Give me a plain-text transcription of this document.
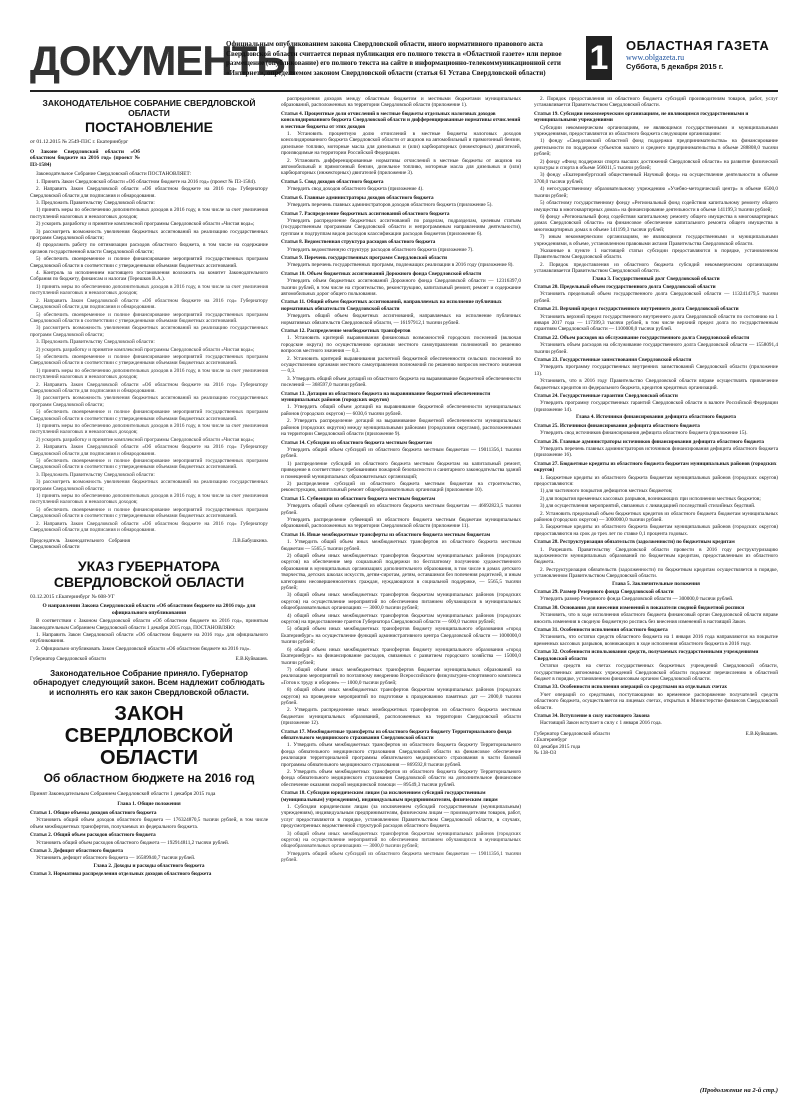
ДОКУМЕНТЫ
Официальным опубликованием закона Свердловской области, иного нормативного правового акта Свердловской области считается первая публикация его полного текста в «Областной газете» или первое размещение (опубликование) его полного текста на сайте в информационно-телекоммуникационной сети «Интернет», определяемом законом Свердловской области (статья 61 Устава Свердловской области)	1 ОБЛАСТНАЯ ГАЗЕТА
www.oblgazeta.ru
Суббота, 5 декабря 2015 г.
ЗАКОНОДАТЕЛЬНОЕ СОБРАНИЕ СВЕРДЛОВСКОЙ ОБЛАСТИ
ПОСТАНОВЛЕНИЕ
от 01.12.2015 № 2549-ПЗС г. Екатеринбург
О Законе Свердловской области «Об областном бюджете на 2016 год» (проект № П3-1584)

Законодательное Собрание Свердловской области ПОСТАНОВЛЯЕТ:

1. Принять Закон Свердловской области «Об областном бюджете на 2016 год» (проект № П3-1584).

2. Направить Закон Свердловской области «Об областном бюджете на 2016 год» Губернатору Свердловской области для подписания и обнародования.

3. Предложить Правительству Свердловской области:

1) принять меры по обеспечению дополнительных доходов в 2016 году, в том числе за счет увеличения поступлений налоговых и неналоговых доходов;

2) ускорить разработку и принятие комплексной программы Свердловской области «Чистая вода»;

3) рассмотреть возможность увеличения бюджетных ассигнований на реализацию государственных программ Свердловской области;

4) продолжить работу по оптимизации расходов областного бюджета, в том числе на содержание органов государственной власти Свердловской области;

5) обеспечить своевременное и полное финансирование мероприятий государственных программ Свердловской области в соответствии с утвержденными объемами бюджетных ассигнований.

4. Контроль за исполнением настоящего постановления возложить на комитет Законодательного Собрания по бюджету, финансам и налогам (Терешков В.А.).

1) принять меры по обеспечению дополнительных доходов в 2016 году, в том числе за счет увеличения поступлений налоговых и неналоговых доходов;

2. Направить Закон Свердловской области «Об областном бюджете на 2016 год» Губернатору Свердловской области для подписания и обнародования.

5) обеспечить своевременное и полное финансирование мероприятий государственных программ Свердловской области в соответствии с утвержденными объемами бюджетных ассигнований.

3) рассмотреть возможность увеличения бюджетных ассигнований на реализацию государственных программ Свердловской области;

3. Предложить Правительству Свердловской области:

2) ускорить разработку и принятие комплексной программы Свердловской области «Чистая вода»;

5) обеспечить своевременное и полное финансирование мероприятий государственных программ Свердловской области в соответствии с утвержденными объемами бюджетных ассигнований.

1) принять меры по обеспечению дополнительных доходов в 2016 году, в том числе за счет увеличения поступлений налоговых и неналоговых доходов;

2. Направить Закон Свердловской области «Об областном бюджете на 2016 год» Губернатору Свердловской области для подписания и обнародования.

3) рассмотреть возможность увеличения бюджетных ассигнований на реализацию государственных программ Свердловской области;

5) обеспечить своевременное и полное финансирование мероприятий государственных программ Свердловской области в соответствии с утвержденными объемами бюджетных ассигнований.

1) принять меры по обеспечению дополнительных доходов в 2016 году, в том числе за счет увеличения поступлений налоговых и неналоговых доходов;

2) ускорить разработку и принятие комплексной программы Свердловской области «Чистая вода»;

2. Направить Закон Свердловской области «Об областном бюджете на 2016 год» Губернатору Свердловской области для подписания и обнародования.

5) обеспечить своевременное и полное финансирование мероприятий государственных программ Свердловской области в соответствии с утвержденными объемами бюджетных ассигнований.

3. Предложить Правительству Свердловской области:

3) рассмотреть возможность увеличения бюджетных ассигнований на реализацию государственных программ Свердловской области;

1) принять меры по обеспечению дополнительных доходов в 2016 году, в том числе за счет увеличения поступлений налоговых и неналоговых доходов;

5) обеспечить своевременное и полное финансирование мероприятий государственных программ Свердловской области в соответствии с утвержденными объемами бюджетных ассигнований.

2. Направить Закон Свердловской области «Об областном бюджете на 2016 год» Губернатору Свердловской области для подписания и обнародования.

Председатель Законодательного Собрания Свердловской области
Л.В.Бабушкина.
УКАЗ ГУБЕРНАТОРА СВЕРДЛОВСКОЙ ОБЛАСТИ
03.12.2015 г.Екатеринбург № 608-УГ
О направлении Закона Свердловской области «Об областном бюджете на 2016 год» для официального опубликования

В соответствии с Законом Свердловской области «Об областном бюджете на 2016 год», принятым Законодательным Собранием Свердловской области 1 декабря 2015 года, ПОСТАНОВЛЯЮ:

1. Направить Закон Свердловской области «Об областном бюджете на 2016 год» для официального опубликования.

2. Официально опубликовать Закон Свердловской области «Об областном бюджете на 2016 год».

Губернатор Свердловской области	Е.В.Куйвашев.
Законодательное Собрание приняло. Губернатор обнародует следующий закон. Всем надлежит соблюдать и исполнять его как закон Свердловской области.
ЗАКОН СВЕРДЛОВСКОЙ ОБЛАСТИ
Об областном бюджете на 2016 год
Принят Законодательным Собранием Свердловской области 1 декабря 2015 года
Глава 1. Общие положения

Статья 1. Общие объемы доходов областного бюджета

Установить общий объем доходов областного бюджета — 176324870,5 тысячи рублей, в том числе объем межбюджетных трансфертов, получаемых из федерального бюджета.

Статья 2. Общий объем расходов областного бюджета

Установить общий объем расходов областного бюджета — 192914811,2 тысячи рублей.

Статья 3. Дефицит областного бюджета

Установить дефицит областного бюджета — 16589940,7 тысячи рублей.

Глава 2. Доходы и расходы областного бюджета

Статья 3. Нормативы распределения отдельных доходов областного бюджета

распределения доходов между областным бюджетом и местными бюджетами муниципальных образований, расположенных на территории Свердловской области (приложение 1).

Статья 4. Процентные доли отчислений в местные бюджеты отдельных налоговых доходов консолидированного бюджета Свердловской области и дифференцированные нормативы отчислений в местные бюджеты от этих доходов

1. Установить процентную долю отчислений в местные бюджеты налоговых доходов консолидированного бюджета Свердловской области от акцизов на автомобильный и прямогонный бензин, дизельное топливо, моторные масла для дизельных и (или) карбюраторных (инжекторных) двигателей, производимые на территории Российской Федерации.

2. Установить дифференцированные нормативы отчислений в местные бюджеты от акцизов на автомобильный и прямогонный бензин, дизельное топливо, моторные масла для дизельных и (или) карбюраторных (инжекторных) двигателей (приложение 3).

Статья 5. Свод доходов областного бюджета

Утвердить свод доходов областного бюджета (приложение 4).

Статья 6. Главные администраторы доходов областного бюджета

Утвердить перечень главных администраторов доходов областного бюджета (приложение 5).

Статья 7. Распределение бюджетных ассигнований областного бюджета

Утвердить распределение бюджетных ассигнований по разделам, подразделам, целевым статьям (государственным программам Свердловской области и непрограммным направлениям деятельности), группам и подгруппам видов расходов классификации расходов бюджетов (приложение 6).

Статья 8. Ведомственная структура расходов областного бюджета

Утвердить ведомственную структуру расходов областного бюджета (приложение 7).

Статья 9. Перечень государственных программ Свердловской области

Утвердить перечень государственных программ, подлежащих реализации в 2016 году (приложение 8).

Статья 10. Объем бюджетных ассигнований Дорожного фонда Свердловской области

Утвердить объем бюджетных ассигнований Дорожного фонда Свердловской области — 12316397,0 тысячи рублей, в том числе на строительство, реконструкцию, капитальный ремонт, ремонт и содержание автомобильных дорог общего пользования.

Статья 11. Общий объем бюджетных ассигнований, направляемых на исполнение публичных нормативных обязательств Свердловской области

Утвердить общий объем бюджетных ассигнований, направляемых на исполнение публичных нормативных обязательств Свердловской области, — 16197912,1 тысячи рублей.

Статья 12. Распределение межбюджетных трансфертов

1. Установить критерий выравнивания финансовых возможностей городских поселений (включая городские округа) по осуществлению органами местного самоуправления полномочий по решению вопросов местного значения — 0,3.

2. Установить критерий выравнивания расчетной бюджетной обеспеченности сельских поселений по осуществлению органами местного самоуправления полномочий по решению вопросов местного значения — 0,3.

3. Утвердить общий объем дотаций из областного бюджета на выравнивание бюджетной обеспеченности поселений — 368597,0 тысячи рублей.

Статья 13. Дотации из областного бюджета на выравнивание бюджетной обеспеченности муниципальных районов (городских округов)

1. Утвердить общий объем дотаций на выравнивание бюджетной обеспеченности муниципальных районов (городских округов) — 6030,6 тысячи рублей.

2. Утвердить распределение дотаций на выравнивание бюджетной обеспеченности муниципальных районов (городских округов) между муниципальными районами (городскими округами), расположенными на территории Свердловской области (приложение 9).

Статья 14. Субсидии из областного бюджета местным бюджетам

Утвердить общий объем субсидий из областного бюджета местным бюджетам — 19011356,1 тысячи рублей.

1) распределение субсидий из областного бюджета местным бюджетам на капитальный ремонт, приведение в соответствие с требованиями пожарной безопасности и санитарного законодательства зданий и помещений муниципальных образовательных организаций;

2) распределение субсидий из областного бюджета местным бюджетам на строительство, реконструкцию, капитальный ремонт общеобразовательных организаций (приложение 10).

Статья 15. Субвенции из областного бюджета местным бюджетам

Утвердить общий объем субвенций из областного бюджета местным бюджетам — 46692823,5 тысячи рублей.

Утвердить распределение субвенций из областного бюджета местным бюджетам муниципальных образований, расположенных на территории Свердловской области (приложение 11).

Статья 16. Иные межбюджетные трансферты из областного бюджета местным бюджетам

1. Утвердить общий объем иных межбюджетных трансфертов из областного бюджета местным бюджетам — 5565,5 тысячи рублей.

2) общий объем иных межбюджетных трансфертов бюджетам муниципальных районов (городских округов) на обеспечение мер социальной поддержки по бесплатному получению художественного образования в муниципальных организациях дополнительного образования, в том числе в домах детского творчества, детских школах искусств, детям-сиротам, детям, оставшимся без попечения родителей, и иным категориям несовершеннолетних граждан, нуждающихся в социальной поддержке, — 5565,5 тысячи рублей;

3) общий объем иных межбюджетных трансфертов бюджетам муниципальных районов (городских округов) на осуществление мероприятий по обеспечению питанием обучающихся в муниципальных общеобразовательных организациях — 3000,0 тысячи рублей;

4) общий объем иных межбюджетных трансфертов бюджетам муниципальных районов (городских округов) на предоставление грантов Губернатора Свердловской области — 600,0 тысячи рублей;

5) общий объем иных межбюджетных трансфертов бюджету муниципального образования «город Екатеринбург» на осуществление функций административного центра Свердловской области — 1000000,0 тысячи рублей;

6) общий объем иных межбюджетных трансфертов бюджету муниципального образования «город Екатеринбург» на финансирование расходов, связанных с развитием городского хозяйства — 15000,0 тысячи рублей;

7) общий объем иных межбюджетных трансфертов бюджетам муниципальных образований на реализацию мероприятий по поэтапному внедрению Всероссийского физкультурно-спортивного комплекса «Готов к труду и обороне» — 1000,0 тысячи рублей;

8) общий объем иных межбюджетных трансфертов бюджетам муниципальных районов (городских округов) на проведение мероприятий по подготовке к празднованию памятных дат — 2000,0 тысячи рублей.

2. Утвердить распределение иных межбюджетных трансфертов из областного бюджета местным бюджетам муниципальных образований, расположенных на территории Свердловской области (приложение 12).

Статья 17. Межбюджетные трансферты из областного бюджета бюджету Территориального фонда обязательного медицинского страхования Свердловской области

1. Утвердить объем межбюджетных трансфертов из областного бюджета бюджету Территориального фонда обязательного медицинского страхования Свердловской области на финансовое обеспечение реализации территориальной программы обязательного медицинского страхования в части базовой программы обязательного медицинского страхования — 869592,8 тысячи рублей.

2. Утвердить объем межбюджетных трансфертов из областного бюджета бюджету Территориального фонда обязательного медицинского страхования Свердловской области на дополнительное финансовое обеспечение оказания скорой медицинской помощи — 89549,3 тысячи рублей.

Статья 18. Субсидии юридическим лицам (за исключением субсидий государственным (муниципальным) учреждениям), индивидуальным предпринимателям, физическим лицам

1. Субсидии юридическим лицам (за исключением субсидий государственным (муниципальным) учреждениям), индивидуальным предпринимателям, физическим лицам — производителям товаров, работ, услуг предоставляются в порядке, установленном Правительством Свердловской области, в случаях, предусмотренных ведомственной структурой расходов областного бюджета.

3) общий объем иных межбюджетных трансфертов бюджетам муниципальных районов (городских округов) на осуществление мероприятий по обеспечению питанием обучающихся в муниципальных общеобразовательных организациях — 3000,0 тысячи рублей;

Утвердить общий объем субсидий из областного бюджета местным бюджетам — 19011356,1 тысячи рублей.

2. Порядок предоставления из областного бюджета субсидий производителям товаров, работ, услуг устанавливается Правительством Свердловской области.

Статья 19. Субсидии некоммерческим организациям, не являющимся государственными и муниципальными учреждениями

Субсидии некоммерческим организациям, не являющимся государственными и муниципальными учреждениями, предоставляются из областного бюджета следующим организациям:

1) фонду «Свердловский областной фонд поддержки предпринимательства» на финансирование деятельности по поддержке субъектов малого и среднего предпринимательства в объеме 288808,0 тысячи рублей;

2) фонду «Фонд поддержки спорта высших достижений Свердловской области» на развитие физической культуры и спорта в объеме 566011,5 тысячи рублей;

3) фонду «Екатеринбургский общественный Научный фонд» на осуществление деятельности в объеме 3700,0 тысячи рублей;

4) негосударственному образовательному учреждению «Учебно-методический центр» в объеме 6500,0 тысячи рублей;

5) областному государственному фонду «Региональный фонд содействия капитальному ремонту общего имущества в многоквартирных домах» на финансирование деятельности в объеме 141199,3 тысячи рублей;

6) фонду «Региональный фонд содействия капитальному ремонту общего имущества в многоквартирных домах Свердловской области» на финансовое обеспечение капитального ремонта общего имущества в многоквартирных домах в объеме 141199,3 тысячи рублей;

7) иным некоммерческим организациям, не являющимся государственными и муниципальными учреждениями, в объеме, установленном правовыми актами Правительства Свердловской области.

Указанные в пункте 1 настоящей статьи субсидии предоставляются в порядке, установленном Правительством Свердловской области.

2. Порядок предоставления из областного бюджета субсидий некоммерческим организациям устанавливается Правительством Свердловской области.

Глава 3. Государственный долг Свердловской области

Статья 20. Предельный объем государственного долга Свердловской области

Установить предельный объем государственного долга Свердловской области — 113241479,5 тысячи рублей.

Статья 21. Верхний предел государственного внутреннего долга Свердловской области

Установить верхний предел государственного внутреннего долга Свердловской области по состоянию на 1 января 2017 года — 117399,3 тысячи рублей, в том числе верхний предел долга по государственным гарантиям Свердловской области — 1100000,0 тысячи рублей.

Статья 22. Объем расходов на обслуживание государственного долга Свердловской области

Установить объем расходов на обслуживание государственного долга Свердловской области — 1558091,4 тысячи рублей.

Статья 23. Государственные заимствования Свердловской области

Утвердить программу государственных внутренних заимствований Свердловской области (приложение 13).

Установить, что в 2016 году Правительство Свердловской области вправе осуществлять привлечение бюджетных кредитов из федерального бюджета, кредитов кредитных организаций.

Статья 24. Государственные гарантии Свердловской области

Утвердить программу государственных гарантий Свердловской области в валюте Российской Федерации (приложение 14).

Глава 4. Источники финансирования дефицита областного бюджета

Статья 25. Источники финансирования дефицита областного бюджета

Утвердить свод источников финансирования дефицита областного бюджета (приложение 15).

Статья 26. Главные администраторы источников финансирования дефицита областного бюджета

Утвердить перечень главных администраторов источников финансирования дефицита областного бюджета (приложение 16).

Статья 27. Бюджетные кредиты из областного бюджета бюджетам муниципальных районов (городских округов)

1. Бюджетные кредиты из областного бюджета бюджетам муниципальных районов (городских округов) предоставляются:

1) для частичного покрытия дефицитов местных бюджетов;

2) для покрытия временных кассовых разрывов, возникающих при исполнении местных бюджетов;

3) для осуществления мероприятий, связанных с ликвидацией последствий стихийных бедствий.

2. Установить предельный объем бюджетных кредитов из областного бюджета бюджетам муниципальных районов (городских округов) — 3000000,0 тысячи рублей.

3. Бюджетные кредиты из областного бюджета бюджетам муниципальных районов (городских округов) предоставляются на срок до трех лет по ставке 0,1 процента годовых.

Статья 28. Реструктуризация обязательств (задолженности) по бюджетным кредитам

1. Разрешить Правительству Свердловской области провести в 2016 году реструктуризацию задолженности муниципальных образований по бюджетным кредитам, предоставленным из областного бюджета.

2. Реструктуризация обязательств (задолженности) по бюджетным кредитам осуществляется в порядке, установленном Правительством Свердловской области.

Глава 5. Заключительные положения

Статья 29. Размер Резервного фонда Свердловской области

Утвердить размер Резервного фонда Свердловской области — 300000,0 тысячи рублей.

Статья 30. Основания для внесения изменений в показатели сводной бюджетной росписи

Установить, что в ходе исполнения областного бюджета финансовый орган Свердловской области вправе вносить изменения в сводную бюджетную роспись без внесения изменений в настоящий Закон.

Статья 31. Особенности исполнения областного бюджета

Установить, что остатки средств областного бюджета на 1 января 2016 года направляются на покрытие временных кассовых разрывов, возникающих в ходе исполнения областного бюджета в 2016 году.

Статья 32. Особенности использования средств, получаемых государственными учреждениями Свердловской области

Остатки средств на счетах государственных бюджетных учреждений Свердловской области, государственных автономных учреждений Свердловской области подлежат перечислению в областной бюджет в порядке, установленном финансовым органом Свердловской области.

Статья 33. Особенности исполнения операций со средствами на отдельных счетах

Учет операций со средствами, поступающими во временное распоряжение получателей средств областного бюджета, осуществляется на лицевых счетах, открытых в Министерстве финансов Свердловской области.

Статья 34. Вступление в силу настоящего Закона

Настоящий Закон вступает в силу с 1 января 2016 года.

Губернатор Свердловской области	Е.В.Куйвашев.
г.Екатеринбург
03 декабря 2015 года
№ 138-ОЗ
(Продолжение на 2-й стр.)
